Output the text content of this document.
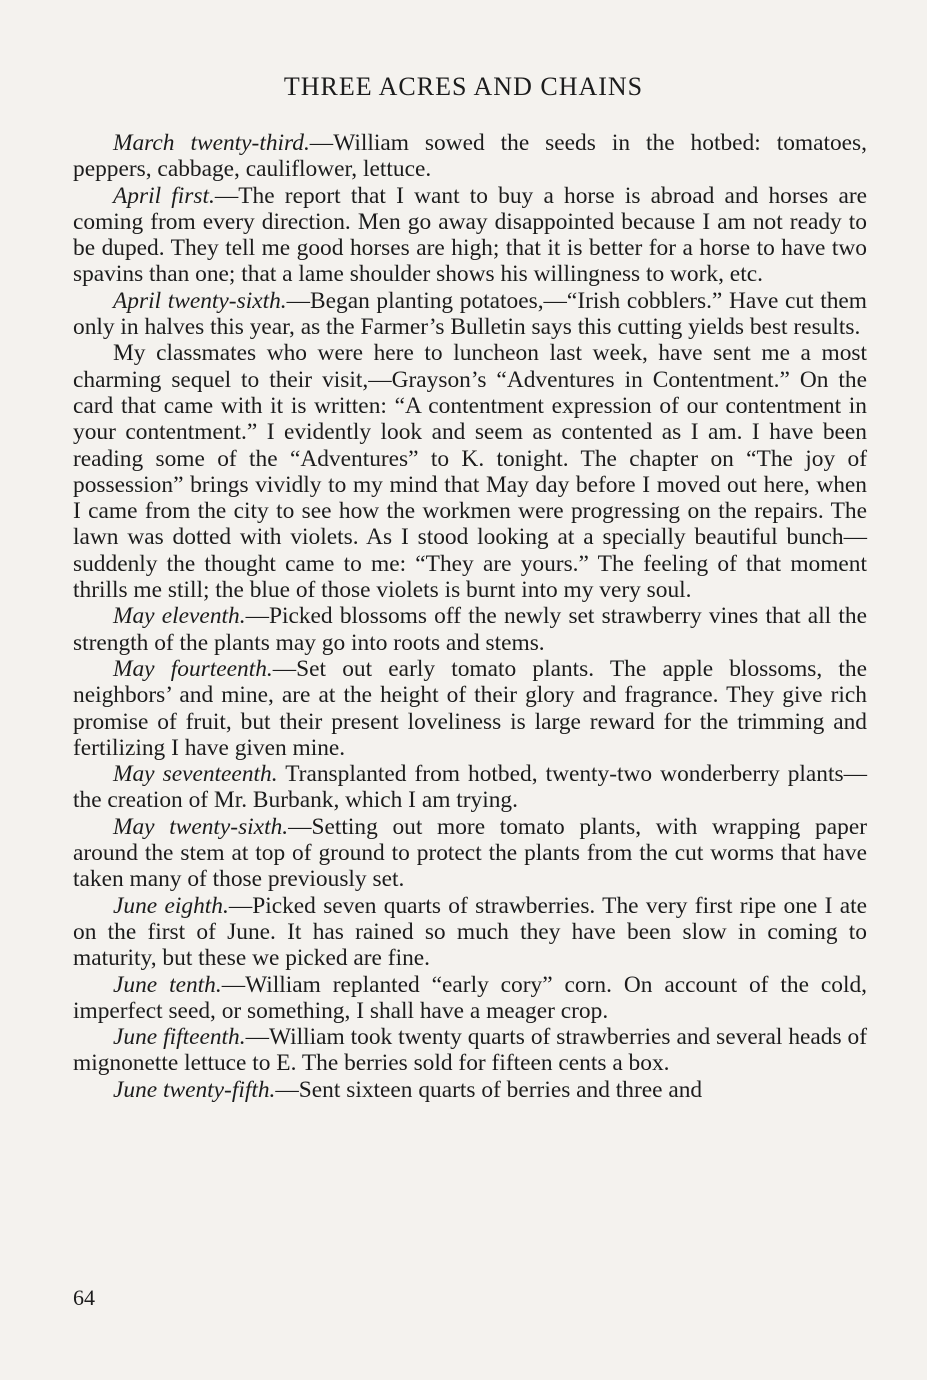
THREE ACRES AND CHAINS

March twenty-third.—William sowed the seeds in the hotbed: tomatoes, peppers, cabbage, cauliflower, lettuce.

April first.—The report that I want to buy a horse is abroad and horses are coming from every direction. Men go away disappointed because I am not ready to be duped. They tell me good horses are high; that it is better for a horse to have two spavins than one; that a lame shoulder shows his willingness to work, etc.

April twenty-sixth.—Began planting potatoes,—“Irish cobblers.” Have cut them only in halves this year, as the Farmer’s Bulletin says this cutting yields best results.

My classmates who were here to luncheon last week, have sent me a most charming sequel to their visit,—Grayson’s “Adventures in Contentment.” On the card that came with it is written: “A contentment expression of our contentment in your contentment.” I evidently look and seem as contented as I am. I have been reading some of the “Adventures” to K. tonight. The chapter on “The joy of possession” brings vividly to my mind that May day before I moved out here, when I came from the city to see how the workmen were progressing on the repairs. The lawn was dotted with violets. As I stood looking at a specially beautiful bunch—suddenly the thought came to me: “They are yours.” The feeling of that moment thrills me still; the blue of those violets is burnt into my very soul.

May eleventh.—Picked blossoms off the newly set strawberry vines that all the strength of the plants may go into roots and stems.

May fourteenth.—Set out early tomato plants. The apple blossoms, the neighbors’ and mine, are at the height of their glory and fragrance. They give rich promise of fruit, but their present loveliness is large reward for the trimming and fertilizing I have given mine.

May seventeenth. Transplanted from hotbed, twenty-two wonderberry plants—the creation of Mr. Burbank, which I am trying.

May twenty-sixth.—Setting out more tomato plants, with wrapping paper around the stem at top of ground to protect the plants from the cut worms that have taken many of those previously set.

June eighth.—Picked seven quarts of strawberries. The very first ripe one I ate on the first of June. It has rained so much they have been slow in coming to maturity, but these we picked are fine.

June tenth.—William replanted “early cory” corn. On account of the cold, imperfect seed, or something, I shall have a meager crop.

June fifteenth.—William took twenty quarts of strawberries and several heads of mignonette lettuce to E. The berries sold for fifteen cents a box.

June twenty-fifth.—Sent sixteen quarts of berries and three and

64
